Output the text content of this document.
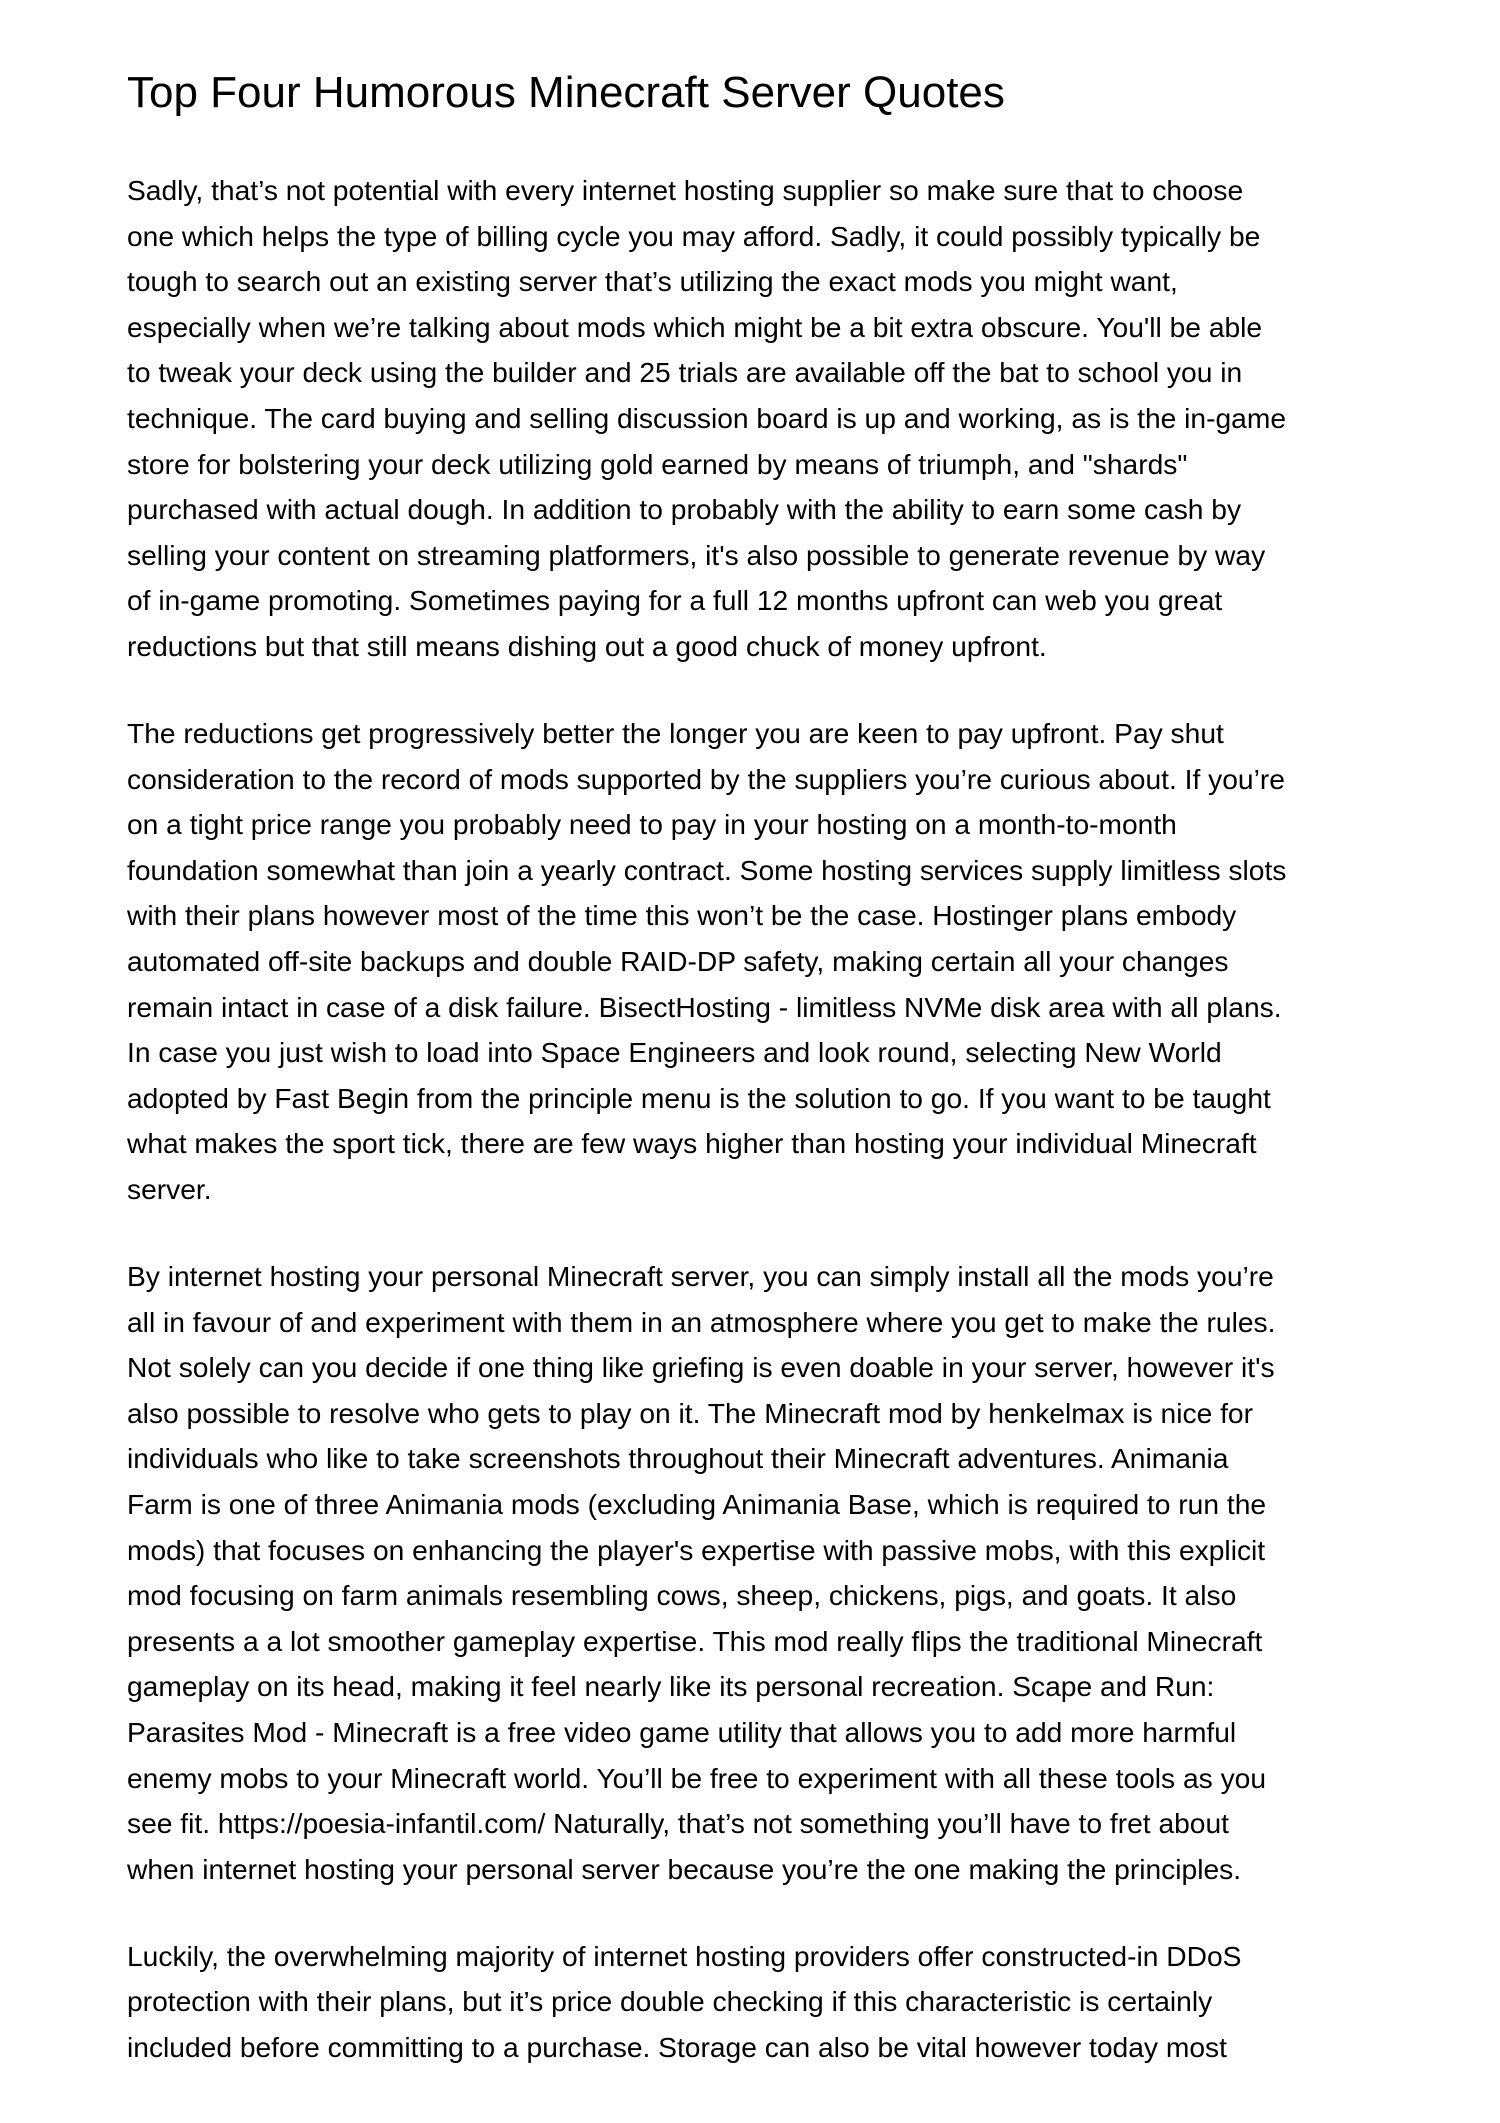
Top Four Humorous Minecraft Server Quotes
Sadly, that’s not potential with every internet hosting supplier so make sure that to choose
one which helps the type of billing cycle you may afford. Sadly, it could possibly typically be
tough to search out an existing server that’s utilizing the exact mods you might want,
especially when we’re talking about mods which might be a bit extra obscure. You'll be able
to tweak your deck using the builder and 25 trials are available off the bat to school you in
technique. The card buying and selling discussion board is up and working, as is the in-game
store for bolstering your deck utilizing gold earned by means of triumph, and "shards"
purchased with actual dough. In addition to probably with the ability to earn some cash by
selling your content on streaming platformers, it's also possible to generate revenue by way
of in-game promoting. Sometimes paying for a full 12 months upfront can web you great
reductions but that still means dishing out a good chuck of money upfront.
The reductions get progressively better the longer you are keen to pay upfront. Pay shut
consideration to the record of mods supported by the suppliers you’re curious about. If you’re
on a tight price range you probably need to pay in your hosting on a month-to-month
foundation somewhat than join a yearly contract. Some hosting services supply limitless slots
with their plans however most of the time this won’t be the case. Hostinger plans embody
automated off-site backups and double RAID-DP safety, making certain all your changes
remain intact in case of a disk failure. BisectHosting - limitless NVMe disk area with all plans.
In case you just wish to load into Space Engineers and look round, selecting New World
adopted by Fast Begin from the principle menu is the solution to go. If you want to be taught
what makes the sport tick, there are few ways higher than hosting your individual Minecraft
server.
By internet hosting your personal Minecraft server, you can simply install all the mods you’re
all in favour of and experiment with them in an atmosphere where you get to make the rules.
Not solely can you decide if one thing like griefing is even doable in your server, however it's
also possible to resolve who gets to play on it. The Minecraft mod by henkelmax is nice for
individuals who like to take screenshots throughout their Minecraft adventures. Animania
Farm is one of three Animania mods (excluding Animania Base, which is required to run the
mods) that focuses on enhancing the player's expertise with passive mobs, with this explicit
mod focusing on farm animals resembling cows, sheep, chickens, pigs, and goats. It also
presents a a lot smoother gameplay expertise. This mod really flips the traditional Minecraft
gameplay on its head, making it feel nearly like its personal recreation. Scape and Run:
Parasites Mod - Minecraft is a free video game utility that allows you to add more harmful
enemy mobs to your Minecraft world. You’ll be free to experiment with all these tools as you
see fit. https://poesia-infantil.com/ Naturally, that’s not something you’ll have to fret about
when internet hosting your personal server because you’re the one making the principles.
Luckily, the overwhelming majority of internet hosting providers offer constructed-in DDoS
protection with their plans, but it’s price double checking if this characteristic is certainly
included before committing to a purchase. Storage can also be vital however today most
